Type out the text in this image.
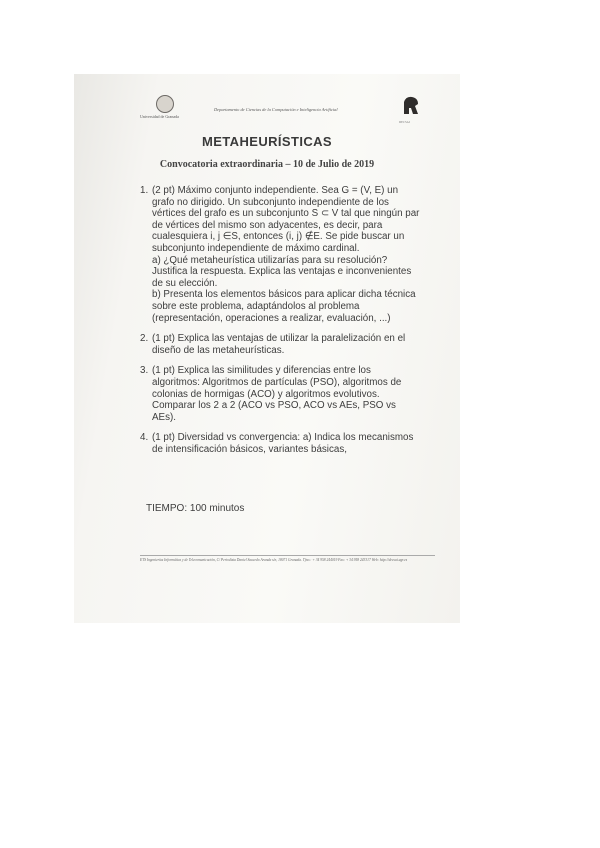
Universidad de Granada
Departamento de Ciencias de la Computación e Inteligencia Artificial
DECSAI
METAHEURÍSTICAS
Convocatoria extraordinaria – 10 de Julio de 2019
1. (2 pt) Máximo conjunto independiente. Sea G = (V, E) un grafo no dirigido. Un subconjunto independiente de los vértices del grafo es un subconjunto S ⊂ V tal que ningún par de vértices del mismo son adyacentes, es decir, para cualesquiera i, j ∈S, entonces (i, j) ∉E. Se pide buscar un subconjunto independiente de máximo cardinal.

a) ¿Qué metaheurística utilizarías para su resolución? Justifica la respuesta. Explica las ventajas e inconvenientes de su elección.

b) Presenta los elementos básicos para aplicar dicha técnica sobre este problema, adaptándolos al problema (representación, operaciones a realizar, evaluación, ...)

2. (1 pt) Explica las ventajas de utilizar la paralelización en el diseño de las metaheurísticas.

3. (1 pt) Explica las similitudes y diferencias entre los algoritmos: Algoritmos de partículas (PSO), algoritmos de colonias de hormigas (ACO) y algoritmos evolutivos.

Comparar los 2 a 2 (ACO vs PSO, ACO vs AEs, PSO vs AEs).

4. (1 pt) Diversidad vs convergencia: a) Indica los mecanismos de intensificación básicos, variantes básicas,

TIEMPO: 100 minutos
ETS Ingenierías Informática y de Telecomunicación, C/ Periodista Daniel Saucedo Aranda s/n, 18071 Granada. Tfno.: + 34 958 244019 Fax: + 34 958 243317 Web: http://decsai.ugr.es
